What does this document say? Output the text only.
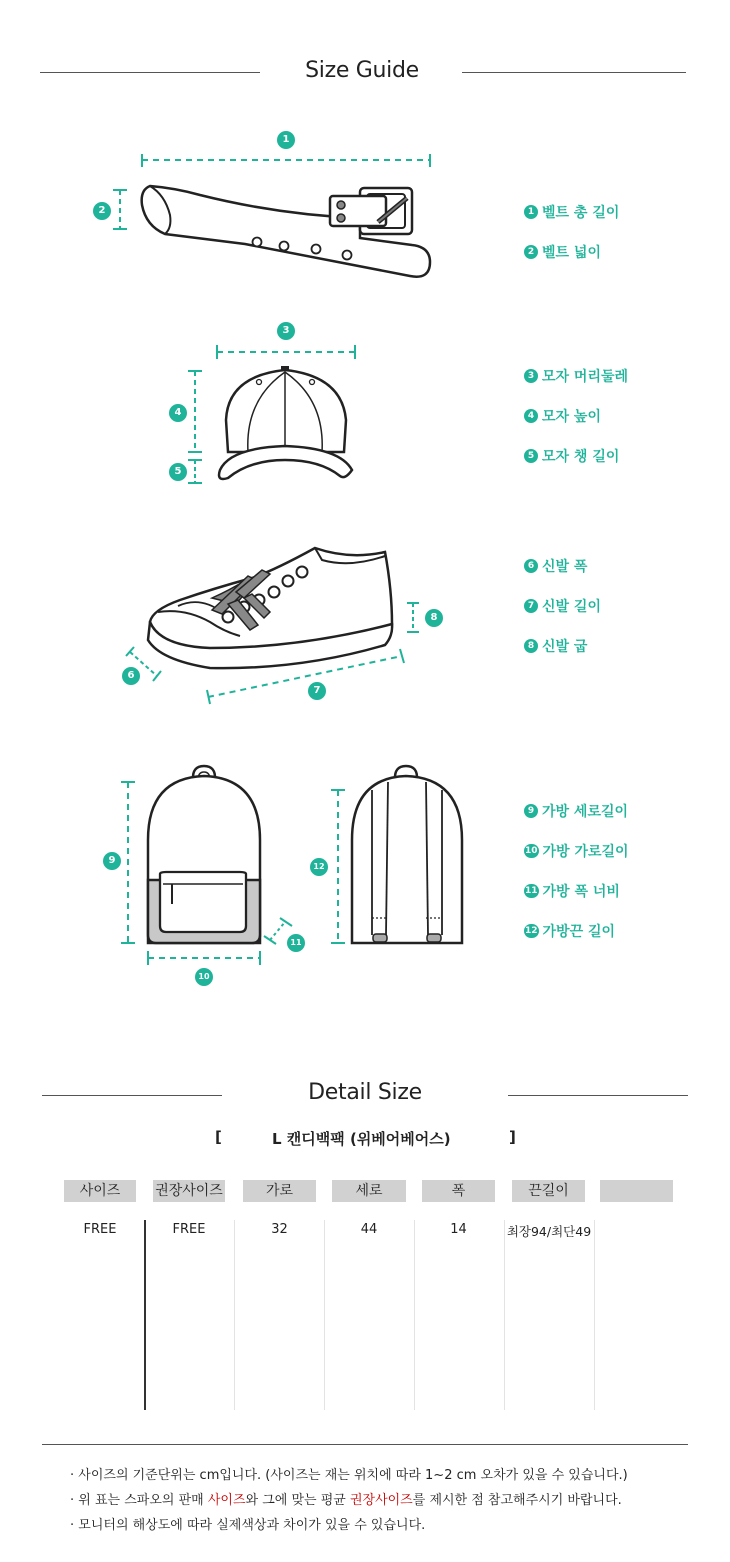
Size Guide
1
2
3
4
5
6
7
8
9
10
11
12
1 벨트 총 길이
2 벨트 넓이
3 모자 머리둘레
4 모자 높이
5 모자 챙 길이
6 신발 폭
7 신발 길이
8 신발 굽
9 가방 세로길이
10 가방 가로길이
11 가방 폭 너비
12 가방끈 길이
Detail Size
[	L 캔디백팩 (위베어베어스)	]
사이즈	권장사이즈	가로	세로	폭	끈길이
FREE	FREE	32	44	14	최장94/최단49
· 사이즈의 기준단위는 cm입니다. (사이즈는 재는 위치에 따라 1~2 cm 오차가 있을 수 있습니다.)
· 위 표는 스파오의 판매 사이즈와 그에 맞는 평균 권장사이즈를 제시한 점 참고해주시기 바랍니다.
· 모니터의 해상도에 따라 실제색상과 차이가 있을 수 있습니다.
